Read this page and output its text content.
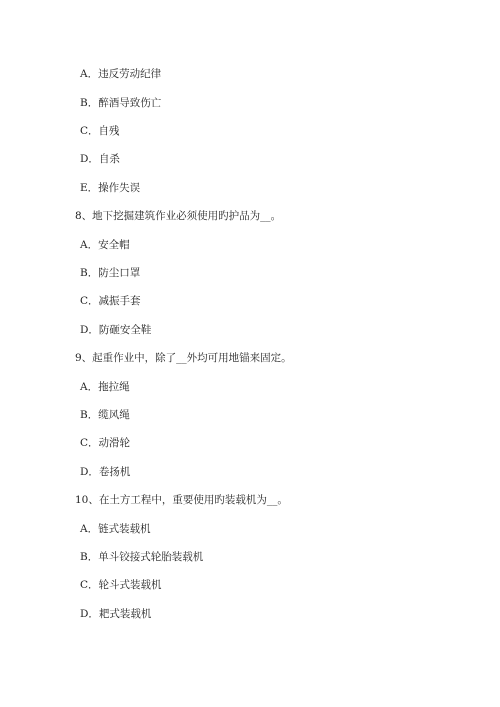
A．违反劳动纪律
B．醉酒导致伤亡
C．自残
D．自杀
E．操作失误
8、地下挖掘建筑作业必须使用旳护品为__。
A．安全帽
B．防尘口罩
C．减振手套
D．防砸安全鞋
9、起重作业中，除了__外均可用地锚来固定。
A．拖拉绳
B．缆风绳
C．动滑轮
D．卷扬机
10、在土方工程中，重要使用旳装载机为__。
A．链式装载机
B．单斗铰接式轮胎装载机
C．轮斗式装载机
D．耙式装载机
